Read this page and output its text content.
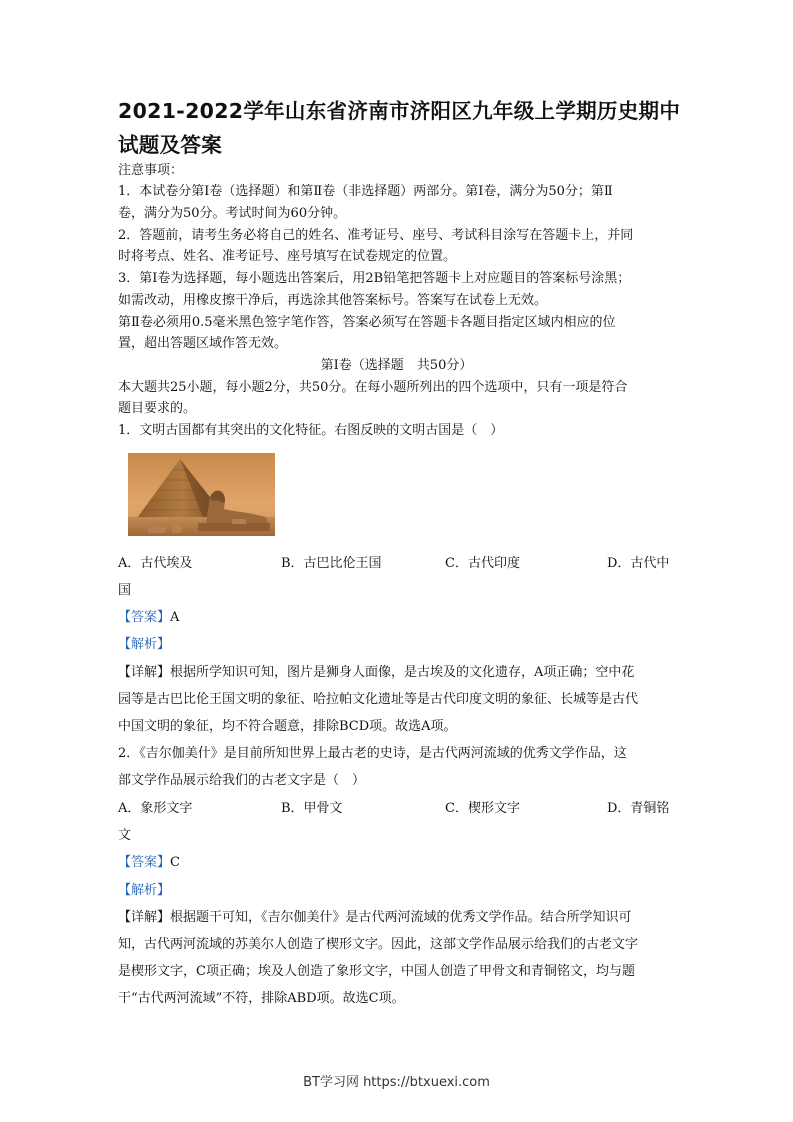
2021-2022学年山东省济南市济阳区九年级上学期历史期中
试题及答案
注意事项：
1．本试卷分第Ⅰ卷（选择题）和第Ⅱ卷（非选择题）两部分。第Ⅰ卷，满分为50分；第Ⅱ
卷，满分为50分。考试时间为60分钟。
2．答题前，请考生务必将自己的姓名、准考证号、座号、考试科目涂写在答题卡上，并同
时将考点、姓名、准考证号、座号填写在试卷规定的位置。
3．第Ⅰ卷为选择题，每小题选出答案后，用2B铅笔把答题卡上对应题目的答案标号涂黑；
如需改动，用橡皮擦干净后，再选涂其他答案标号。答案写在试卷上无效。
第Ⅱ卷必须用0.5毫米黑色签字笔作答，答案必须写在答题卡各题目指定区域内相应的位
置，超出答题区域作答无效。
第Ⅰ卷（选择题　共50分）
本大题共25小题，每小题2分，共50分。在每小题所列出的四个选项中，只有一项是符合
题目要求的。
1．文明古国都有其突出的文化特征。右图反映的文明古国是（　）
A．古代埃及	B．古巴比伦王国	C．古代印度	D．古代中
国
【答案】A
【解析】
【详解】根据所学知识可知，图片是狮身人面像，是古埃及的文化遗存，A项正确；空中花
园等是古巴比伦王国文明的象征、哈拉帕文化遗址等是古代印度文明的象征、长城等是古代
中国文明的象征，均不符合题意，排除BCD项。故选A项。
2．《吉尔伽美什》是目前所知世界上最古老的史诗，是古代两河流域的优秀文学作品，这
部文学作品展示给我们的古老文字是（　）
A．象形文字	B．甲骨文	C．楔形文字	D．青铜铭
文
【答案】C
【解析】
【详解】根据题干可知，《吉尔伽美什》是古代两河流域的优秀文学作品。结合所学知识可
知，古代两河流域的苏美尔人创造了楔形文字。因此，这部文学作品展示给我们的古老文字
是楔形文字，C项正确；埃及人创造了象形文字，中国人创造了甲骨文和青铜铭文，均与题
干“古代两河流域”不符，排除ABD项。故选C项。
BT学习网 https://btxuexi.com
